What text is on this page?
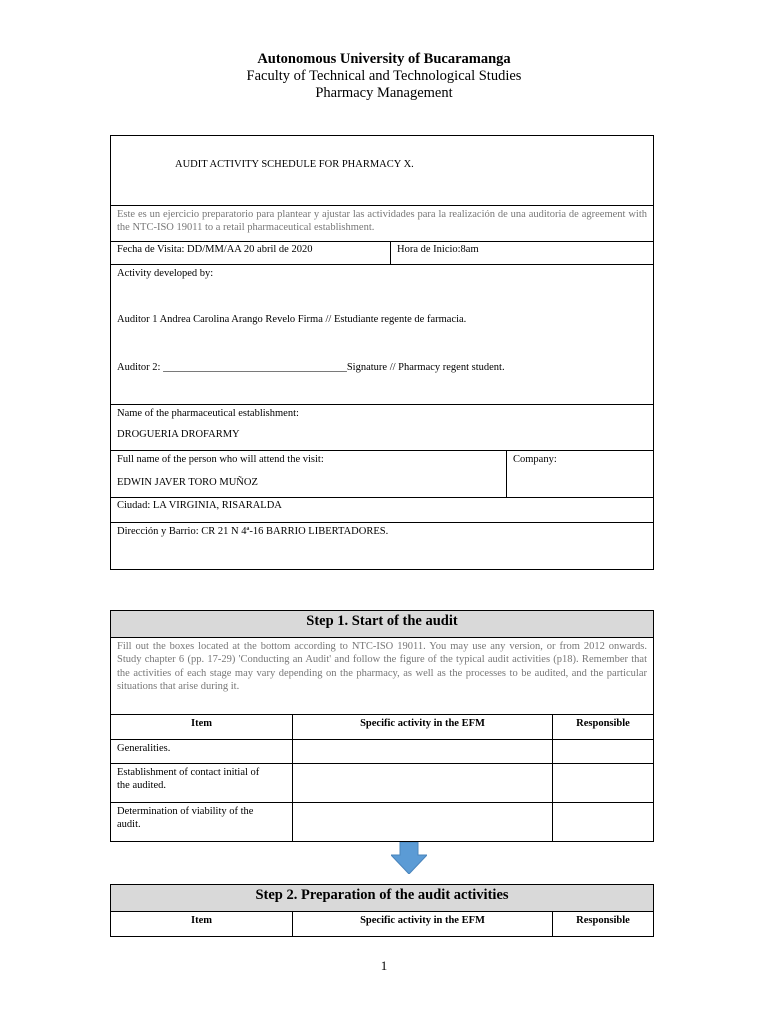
Autonomous University of Bucaramanga
Faculty of Technical and Technological Studies
Pharmacy Management
AUDIT ACTIVITY SCHEDULE FOR PHARMACY X.		
Este es un ejercicio preparatorio para plantear y ajustar las actividades para la realización de una auditoria de agreement with the NTC-ISO 19011 to a retail pharmaceutical establishment.		
Fecha de Visita: DD/MM/AA 20 abril de 2020	Hora de Inicio:8am	

Activity developed by:

Auditor 1 Andrea Carolina Arango Revelo Firma // Estudiante regente de farmacia.

Auditor 2: ___________________________________Signature // Pharmacy regent student.		

Name of the pharmaceutical establishment:

DROGUERIA DROFARMY		

Full name of the person who will attend the visit:

EDWIN JAVER TORO MUÑOZ		Company:

Ciudad: LA VIRGINIA, RISARALDA		
Dirección y Barrio: CR 21 N 4ª-16 BARRIO LIBERTADORES.		
Step 1. Start of the audit		
Fill out the boxes located at the bottom according to NTC-ISO 19011. You may use any version, or from 2012 onwards. Study chapter 6 (pp. 17-29) 'Conducting an Audit' and follow the figure of the typical audit activities (p18). Remember that the activities of each stage may vary depending on the pharmacy, as well as the processes to be audited, and the particular situations that arise during it.		
Item	Specific activity in the EFM	Responsible
Generalities.		
Establishment of contact initial of the audited.		
Determination of viability of the audit.		
Step 2. Preparation of the audit activities
Item	Specific activity in the EFM	Responsible
1
